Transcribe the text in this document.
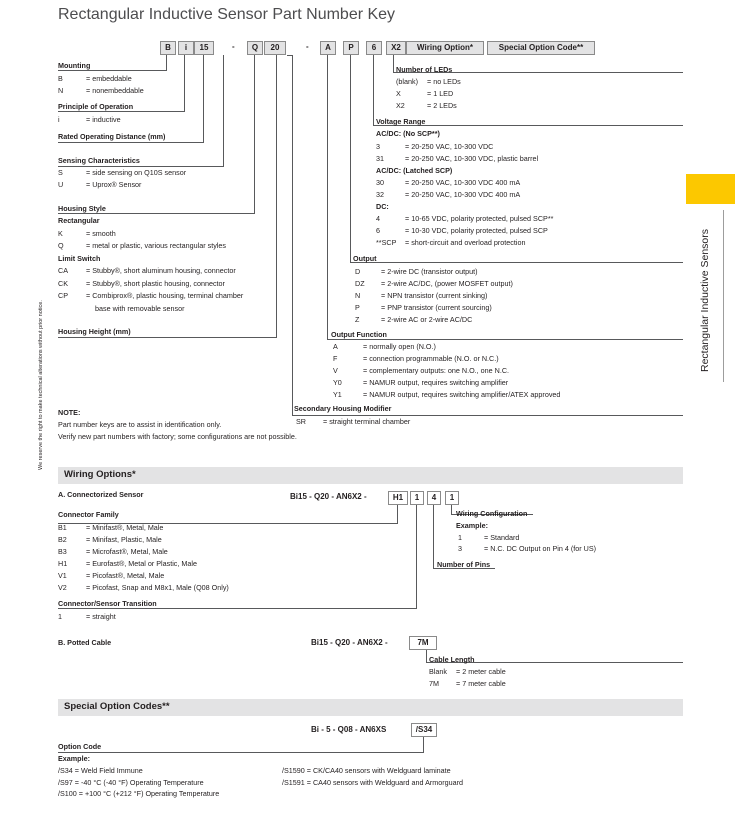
Rectangular Inductive Sensor Part Number Key
Rectangular Inductive Sensors
We reserve the right to make technical alterations without prior notice.
B	i	15	-	Q	20	-	A	P	6	X2	Wiring Option*	Special Option Code**
Mounting
B	= embeddable
N	= nonembeddable
Principle of Operation
i	= inductive
Rated Operating Distance (mm)
Sensing Characteristics
S	= side sensing on Q10S sensor
U	= Uprox® Sensor
Housing Style
Rectangular
K	= smooth
Q	= metal or plastic, various rectangular styles
Limit Switch
CA	= Stubby®, short aluminum housing, connector
CK	= Stubby®, short plastic housing, connector
CP	= Combiprox®, plastic housing, terminal chamber
base with removable sensor
Housing Height (mm)
NOTE:
Part number keys are to assist in identification only.
Verify new part numbers with factory; some configurations are not possible.
Number of LEDs
(blank) = no LEDs
X	= 1 LED
X2	= 2 LEDs
Voltage Range
AC/DC: (No SCP**)
3	= 20-250 VAC, 10-300 VDC
31	= 20-250 VAC, 10-300 VDC, plastic barrel
AC/DC: (Latched SCP)
30	= 20-250 VAC, 10-300 VDC 400 mA
32	= 20-250 VAC, 10-300 VDC 400 mA
DC:
4	= 10-65 VDC, polarity protected, pulsed SCP**
6	= 10-30 VDC, polarity protected, pulsed SCP
**SCP = short-circuit and overload protection
Output
D	= 2-wire DC (transistor output)
DZ = 2-wire AC/DC, (power MOSFET output)
N	= NPN transistor (current sinking)
P	= PNP transistor (current sourcing)
Z	= 2-wire AC or 2-wire AC/DC
Output Function
A	= normally open (N.O.)
F	= connection programmable (N.O. or N.C.)
V	= complementary outputs: one N.O., one N.C.
Y0	= NAMUR output, requires switching amplifier
Y1	= NAMUR output, requires switching amplifier/ATEX approved
Secondary Housing Modifier
SR = straight terminal chamber
Wiring Options*
A. Connectorized Sensor	Bi15 - Q20 - AN6X2 -	H1	1	4	1
Wiring Configuration
Example:
1	= Standard
3	= N.C. DC Output on Pin 4 (for US)
Number of Pins
Connector Family
B1	= Minifast®, Metal, Male
B2	= Minifast, Plastic, Male
B3	= Microfast®, Metal, Male
H1	= Eurofast®, Metal or Plastic, Male
V1	= Picofast®, Metal, Male
V2	= Picofast, Snap and M8x1, Male (Q08 Only)
Connector/Sensor Transition
1	= straight
B. Potted Cable	Bi15 - Q20 - AN6X2 -	7M
Cable Length
Blank = 2 meter cable
7M = 7 meter cable
Special Option Codes**
Bi - 5 - Q08 - AN6XS	/S34
Option Code
Example:
/S34 = Weld Field Immune
/S97 = -40 °C (-40 °F) Operating Temperature
/S100 = +100 °C (+212 °F) Operating Temperature
/S1590 = CK/CA40 sensors with Weldguard laminate
/S1591 = CA40 sensors with Weldguard and Armorguard
